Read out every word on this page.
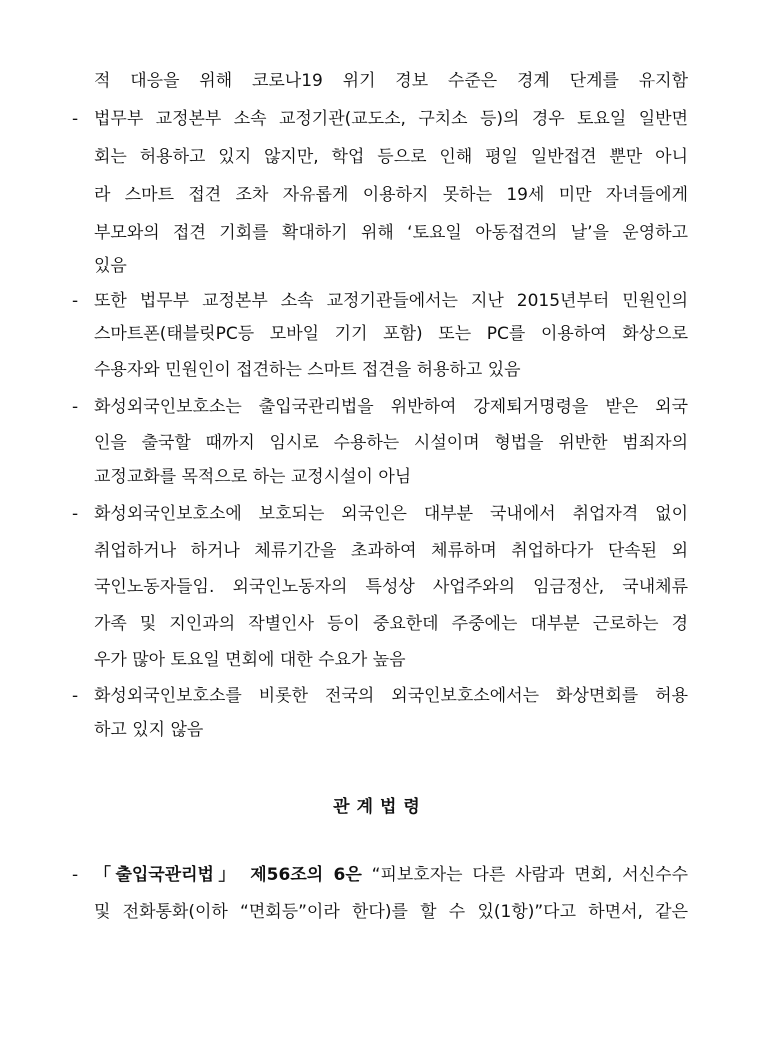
적 대응을 위해 코로나19 위기 경보 수준은 경계 단계를 유지함
- 법무부 교정본부 소속 교정기관(교도소, 구치소 등)의 경우 토요일 일반면
회는 허용하고 있지 않지만, 학업 등으로 인해 평일 일반접견 뿐만 아니
라 스마트 접견 조차 자유롭게 이용하지 못하는 19세 미만 자녀들에게
부모와의 접견 기회를 확대하기 위해 ‘토요일 아동접견의 날’을 운영하고
있음
- 또한 법무부 교정본부 소속 교정기관들에서는 지난 2015년부터 민원인의
스마트폰(태블릿PC등 모바일 기기 포함) 또는 PC를 이용하여 화상으로
수용자와 민원인이 접견하는 스마트 접견을 허용하고 있음
- 화성외국인보호소는 출입국관리법을 위반하여 강제퇴거명령을 받은 외국
인을 출국할 때까지 임시로 수용하는 시설이며 형법을 위반한 범죄자의
교정교화를 목적으로 하는 교정시설이 아님
- 화성외국인보호소에 보호되는 외국인은 대부분 국내에서 취업자격 없이
취업하거나 하거나 체류기간을 초과하여 체류하며 취업하다가 단속된 외
국인노동자들임. 외국인노동자의 특성상 사업주와의 임금정산, 국내체류
가족 및 지인과의 작별인사 등이 중요한데 주중에는 대부분 근로하는 경
우가 많아 토요일 면회에 대한 수요가 높음
- 화성외국인보호소를 비롯한 전국의 외국인보호소에서는 화상면회를 허용
하고 있지 않음
관계법령
- 「출입국관리법」 제56조의 6은 “피보호자는 다른 사람과 면회, 서신수수
및 전화통화(이하 “면회등”이라 한다)를 할 수 있(1항)”다고 하면서, 같은
